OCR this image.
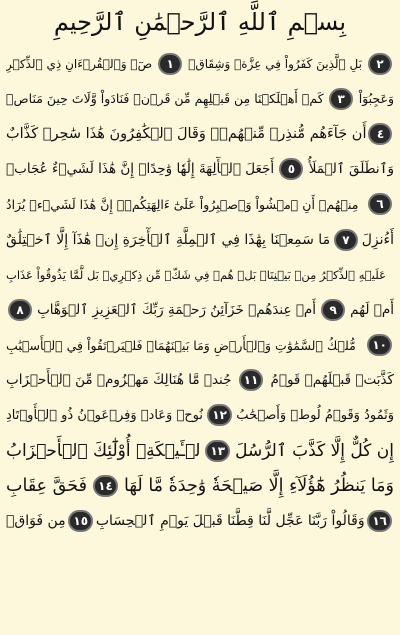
بِسۡمِ ٱللَّهِ ٱلرَّحۡمَٰنِ ٱلرَّحِيمِ
صٓۚ وَٱلۡقُرۡءَانِ ذِي ٱلذِّكۡرِ	١	بَلِ ٱلَّذِينَ كَفَرُواْ فِي عِزَّةٖ وَشِقَاقٖ	٢
كَمۡ أَهۡلَكۡنَا مِن قَبۡلِهِم مِّن قَرۡنٖ فَنَادَواْ وَّلَاتَ حِينَ مَنَاصٖ	٣	وَعَجِبُوٓاْ
أَن جَآءَهُم مُّنذِرٞ مِّنۡهُمۡۖ وَقَالَ ٱلۡكَٰفِرُونَ هَٰذَا سَٰحِرٞ كَذَّابٌ ٤
أَجَعَلَ ٱلۡأٓلِهَةَ إِلَٰهٗا وَٰحِدًاۖ إِنَّ هَٰذَا لَشَيۡءٌ عُجَابٞ	٥	وَٱنطَلَقَ ٱلۡمَلَأُ
مِنۡهُمۡ أَنِ ٱمۡشُواْ وَٱصۡبِرُواْ عَلَىٰٓ ءَالِهَتِكُمۡۖ إِنَّ هَٰذَا لَشَيۡءٞ يُرَادُ	٦
مَا سَمِعۡنَا بِهَٰذَا فِي ٱلۡمِلَّةِ ٱلۡأٓخِرَةِ إِنۡ هَٰذَآ إِلَّا ٱخۡتِلَٰقٌ	٧ أَءُنزِلَ
عَلَيۡهِ ٱلذِّكۡرُ مِنۢ بَيۡنِنَاۚ بَلۡ هُمۡ فِي شَكّٖ مِّن ذِكۡرِيۚ بَل لَّمَّا يَذُوقُواْ عَذَابِ
٨ أَمۡ عِندَهُمۡ خَزَآئِنُ رَحۡمَةِ رَبِّكَ ٱلۡعَزِيزِ ٱلۡوَهَّابِ	٩ أَمۡ لَهُم
مُّلۡكُ ٱلسَّمَٰوَٰتِ وَٱلۡأَرۡضِ وَمَا بَيۡنَهُمَاۖ فَلۡيَرۡتَقُواْ فِي ٱلۡأَسۡبَٰبِ	١٠
جُندٞ مَّا هُنَالِكَ مَهۡزُومٞ مِّنَ ٱلۡأَحۡزَابِ	١١ كَذَّبَتۡ قَبۡلَهُمۡ قَوۡمُ
نُوحٖ وَعَادٞ وَفِرۡعَوۡنُ ذُو ٱلۡأَوۡتَادِ ١٢ وَثَمُودُ وَقَوۡمُ لُوطٖ وَأَصۡحَٰبُ
لۡـَٔيۡكَةِۚ أُوْلَٰٓئِكَ ٱلۡأَحۡزَابُ ١٣ إِن كُلٌّ إِلَّا كَذَّبَ ٱلرُّسُلَ
فَحَقَّ عِقَابِ ١٤ وَمَا يَنظُرُ هَٰٓؤُلَآءِ إِلَّا صَيۡحَةٗ وَٰحِدَةٗ مَّا لَهَا
مِن فَوَاقٖ ١٥ وَقَالُواْ رَبَّنَا عَجِّل لَّنَا قِطَّنَا قَبۡلَ يَوۡمِ ٱلۡحِسَابِ ١٦
